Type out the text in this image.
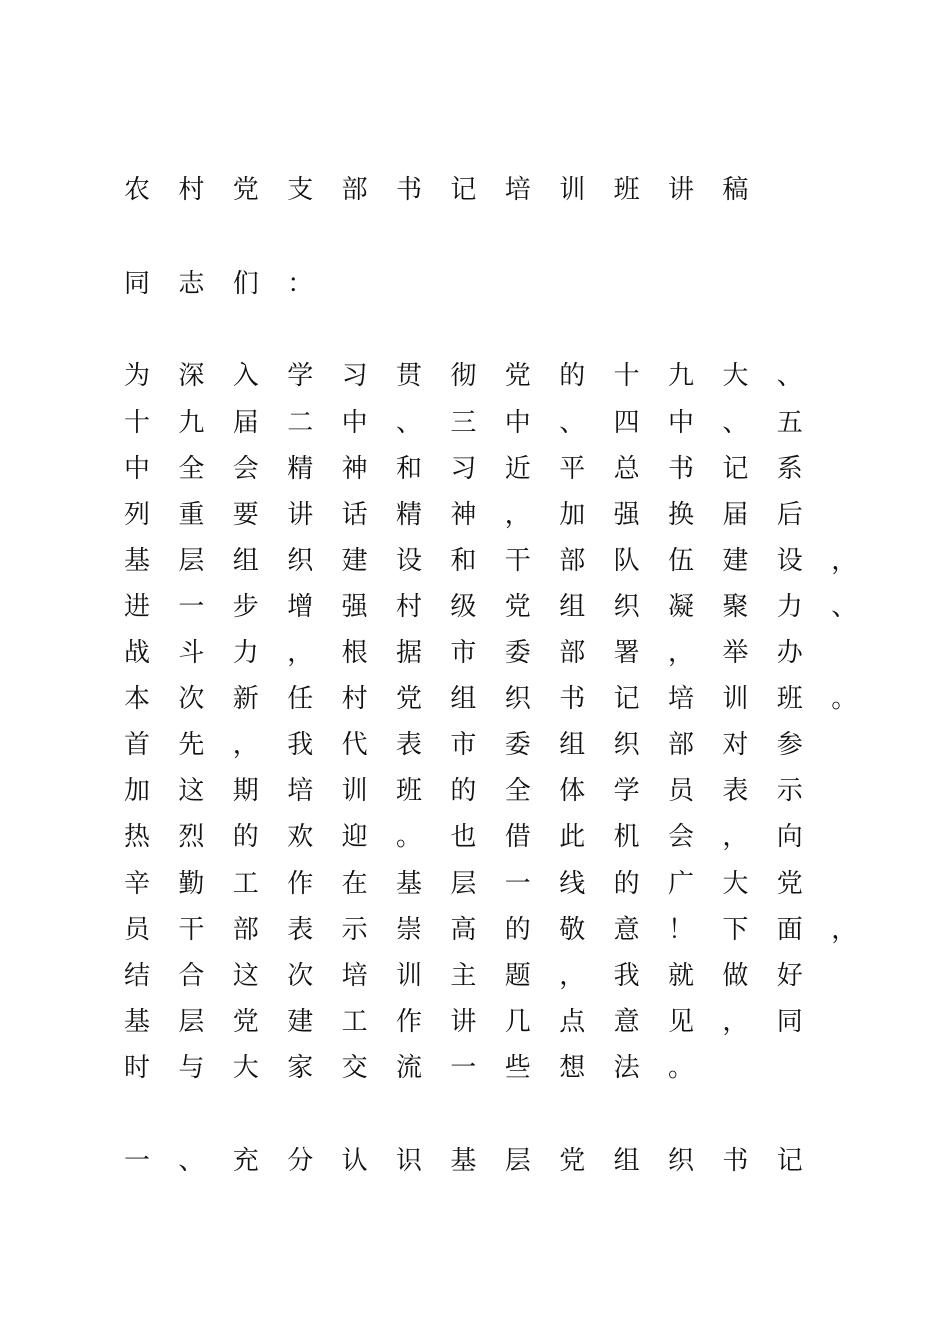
农村党支部书记培训班讲稿
同志们：
为深入学习贯彻党的十九大、
十九届二中、三中、四中、五
中全会精神和习近平总书记系
列重要讲话精神，加强换届后
基层组织建设和干部队伍建设，
进一步增强村级党组织凝聚力、
战斗力，根据市委部署，举办
本次新任村党组织书记培训班。
首先，我代表市委组织部对参
加这期培训班的全体学员表示
热烈的欢迎。也借此机会，向
辛勤工作在基层一线的广大党
员干部表示崇高的敬意！下面，
结合这次培训主题，我就做好
基层党建工作讲几点意见，同
时与大家交流一些想法。
一、充分认识基层党组织书记
